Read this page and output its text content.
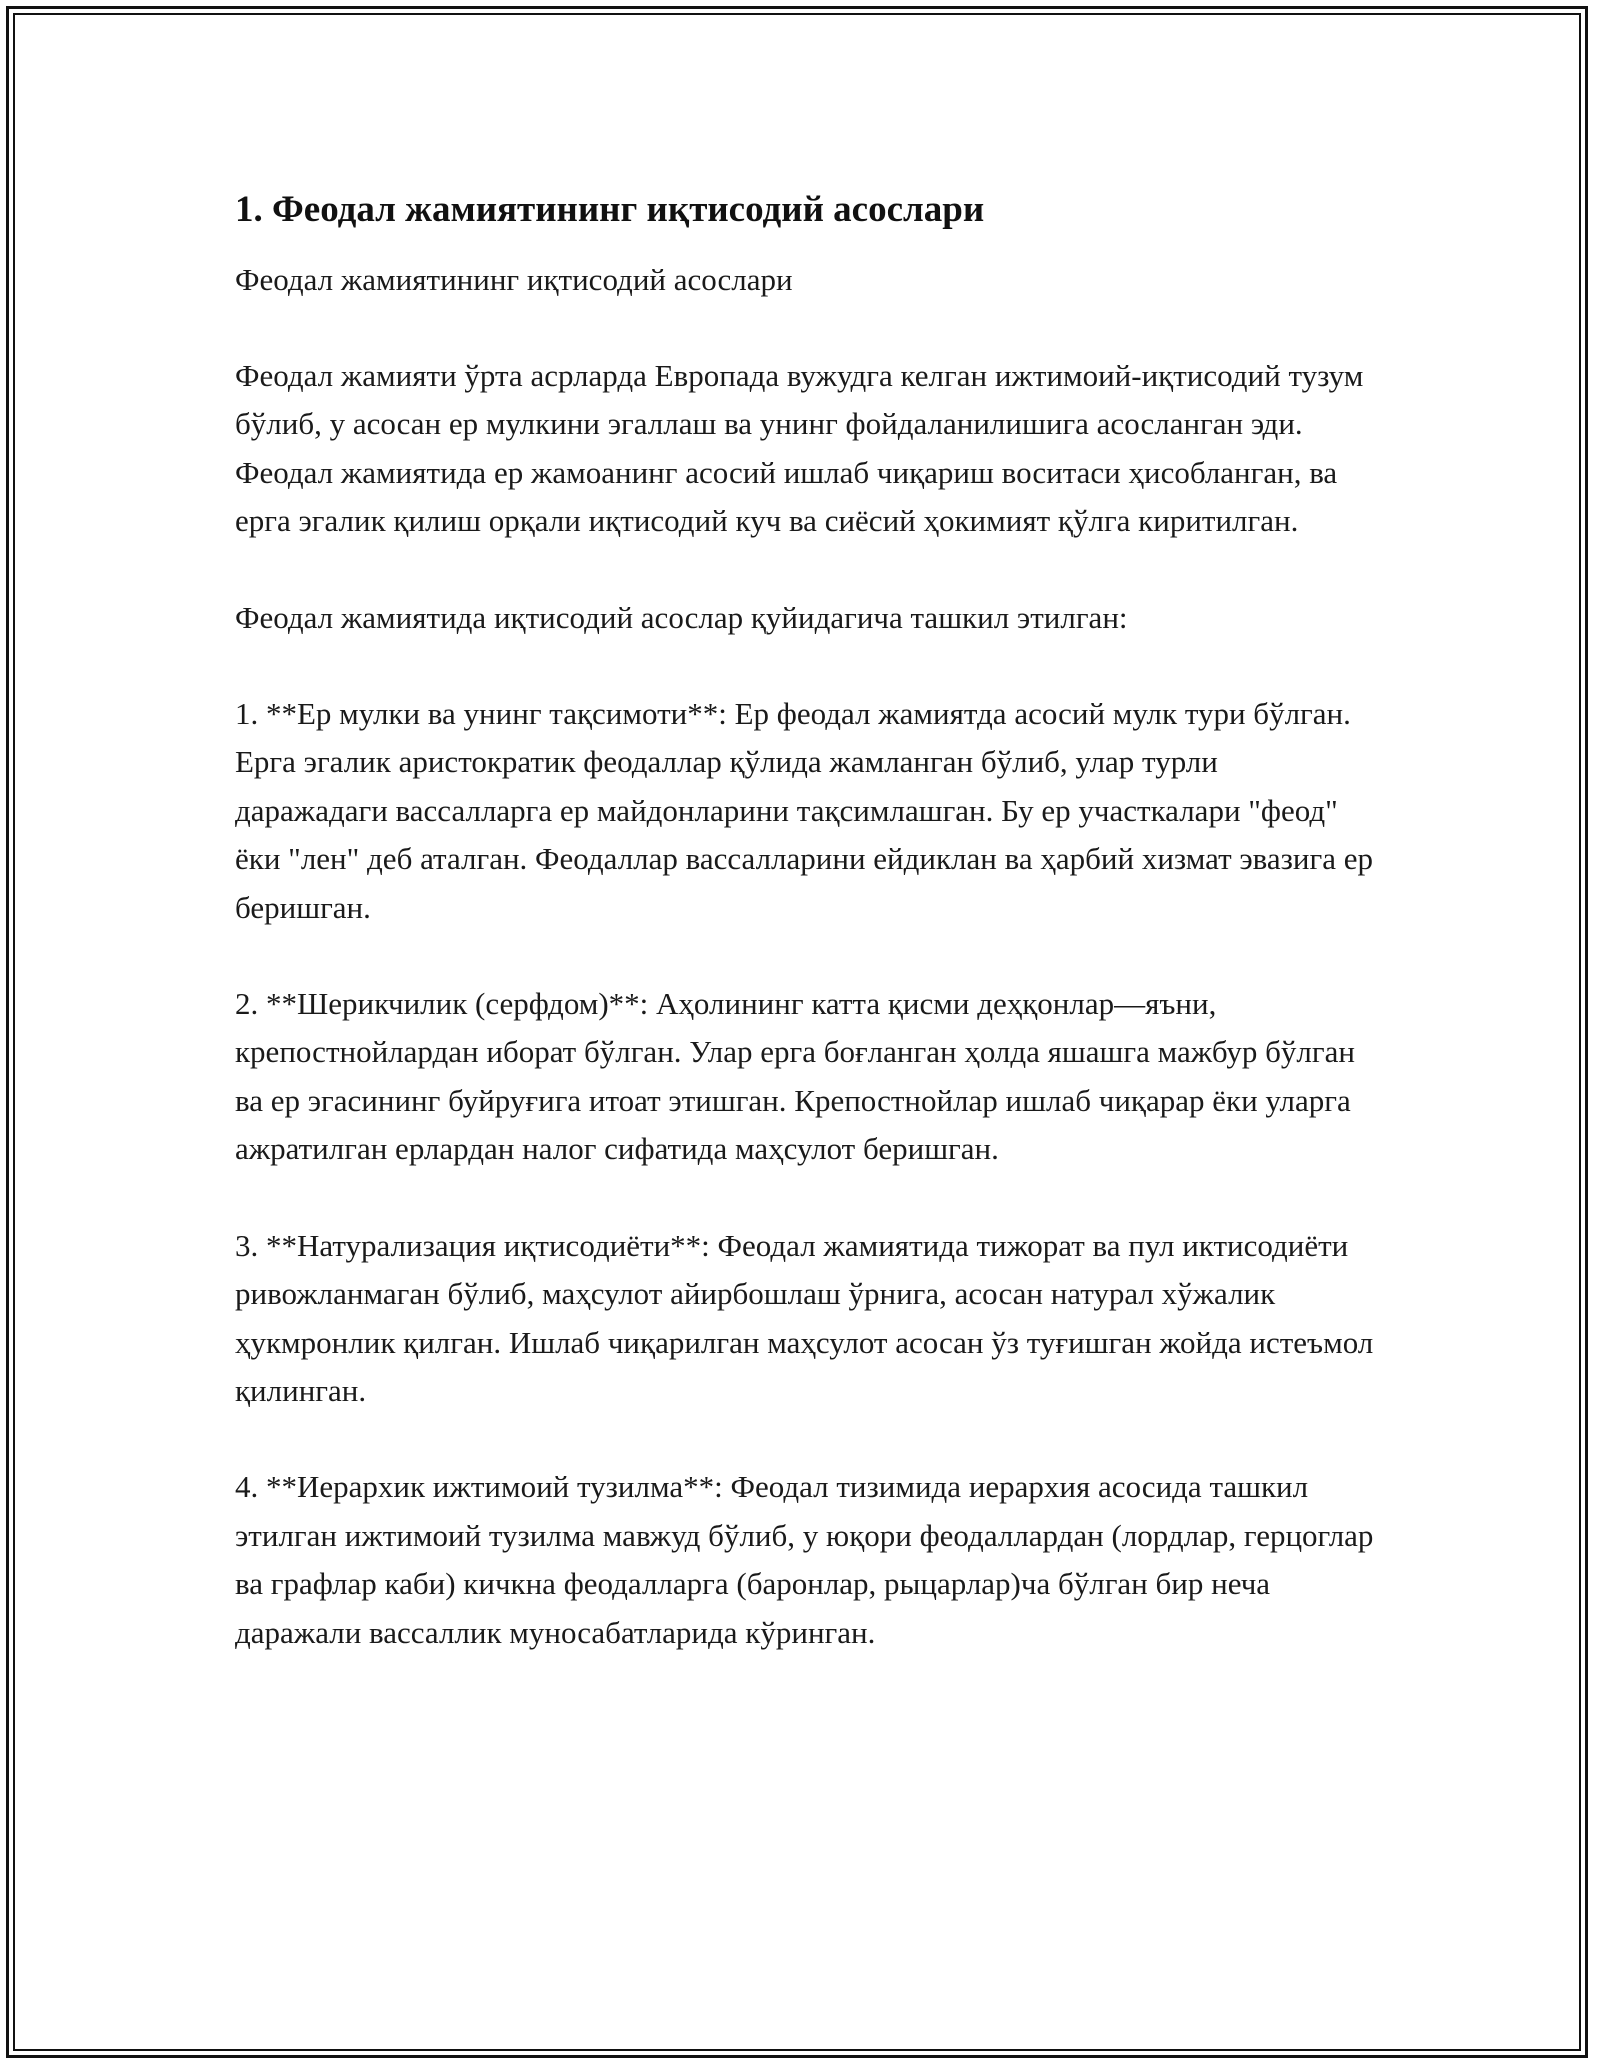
1. Феодал жамиятининг иқтисодий асослари

Феодал жамиятининг иқтисодий асослари

Феодал жамияти ўрта асрларда Европада вужудга келган ижтимоий-иқтисодий тузум бўлиб, у асосан ер мулкини эгаллаш ва унинг фойдаланилишига асосланган эди. Феодал жамиятида ер жамоанинг асосий ишлаб чиқариш воситаси ҳисобланган, ва ерга эгалик қилиш орқали иқтисодий куч ва сиёсий ҳокимият қўлга киритилган.

Феодал жамиятида иқтисодий асослар қуйидагича ташкил этилган:

1. **Ер мулки ва унинг тақсимоти**: Ер феодал жамиятда асосий мулк тури бўлган. Ерга эгалик аристократик феодаллар қўлида жамланган бўлиб, улар турли даражадаги вассалларга ер майдонларини тақсимлашган. Бу ер участкалари "феод" ёки "лен" деб аталган. Феодаллар вассалларини ейдиклан ва ҳарбий хизмат эвазига ер беришган.

2. **Шерикчилик (серфдом)**: Аҳолининг катта қисми деҳқонлар—яъни, крепостнойлардан иборат бўлган. Улар ерга боғланган ҳолда яшашга мажбур бўлган ва ер эгасининг буйруғига итоат этишган. Крепостнойлар ишлаб чиқарар ёки уларга ажратилган ерлардан налог сифатида маҳсулот беришган.

3. **Натурализация иқтисодиёти**: Феодал жамиятида тижорат ва пул иктисодиёти ривожланмаган бўлиб, маҳсулот айирбошлаш ўрнига, асосан натурал хўжалик ҳукмронлик қилган. Ишлаб чиқарилган маҳсулот асосан ўз туғишган жойда истеъмол қилинган.

4. **Иерархик ижтимоий тузилма**: Феодал тизимида иерархия асосида ташкил этилган ижтимоий тузилма мавжуд бўлиб, у юқори феодаллардан (лордлар, герцоглар ва графлар каби) кичкна феодалларга (баронлар, рыцарлар)ча бўлган бир неча даражали вассаллик муносабатларида кўринган.
